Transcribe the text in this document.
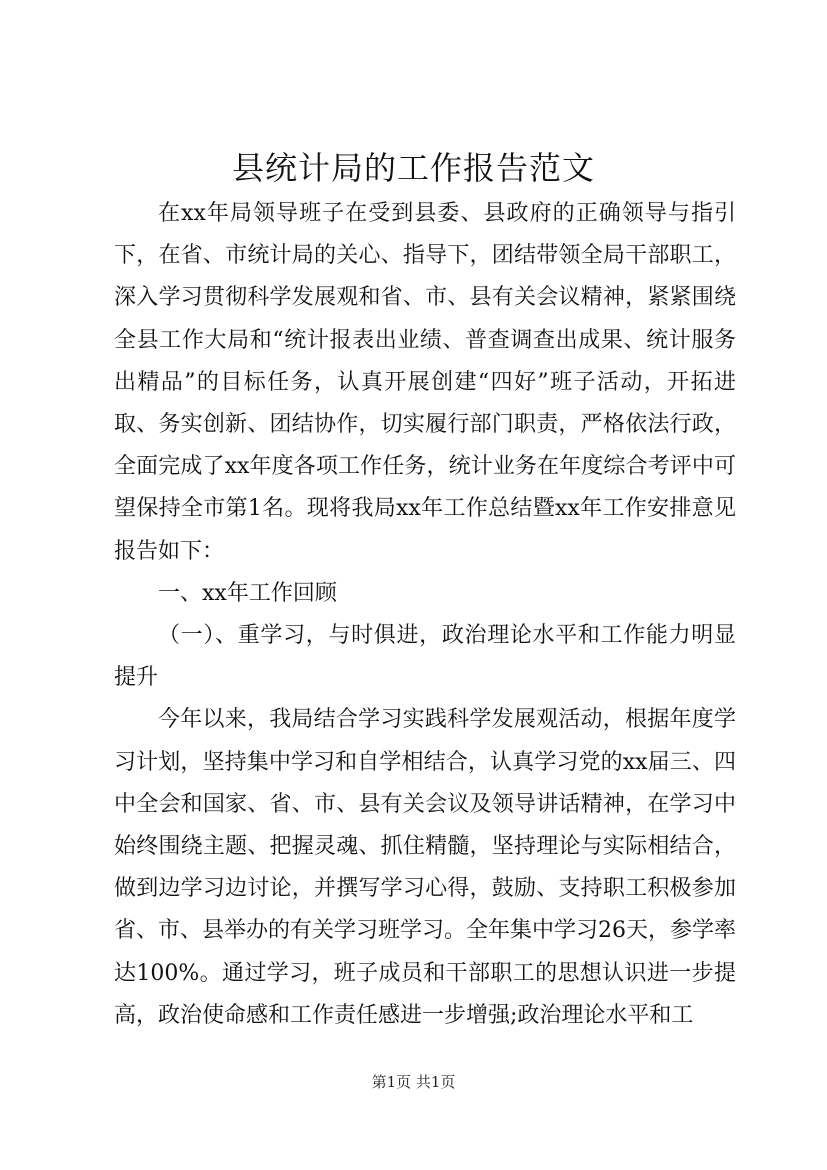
县统计局的工作报告范文

在xx年局领导班子在受到县委、县政府的正确领导与指引下，在省、市统计局的关心、指导下，团结带领全局干部职工，深入学习贯彻科学发展观和省、市、县有关会议精神，紧紧围绕全县工作大局和“统计报表出业绩、普查调查出成果、统计服务出精品”的目标任务，认真开展创建“四好”班子活动，开拓进取、务实创新、团结协作，切实履行部门职责，严格依法行政，全面完成了xx年度各项工作任务，统计业务在年度综合考评中可望保持全市第1名。现将我局xx年工作总结暨xx年工作安排意见报告如下：

一、xx年工作回顾

（一）、重学习，与时俱进，政治理论水平和工作能力明显提升

今年以来，我局结合学习实践科学发展观活动，根据年度学习计划，坚持集中学习和自学相结合，认真学习党的xx届三、四中全会和国家、省、市、县有关会议及领导讲话精神，在学习中始终围绕主题、把握灵魂、抓住精髓，坚持理论与实际相结合，做到边学习边讨论，并撰写学习心得，鼓励、支持职工积极参加省、市、县举办的有关学习班学习。全年集中学习26天，参学率达100%。通过学习，班子成员和干部职工的思想认识进一步提高，政治使命感和工作责任感进一步增强;政治理论水平和工

第1页 共1页
